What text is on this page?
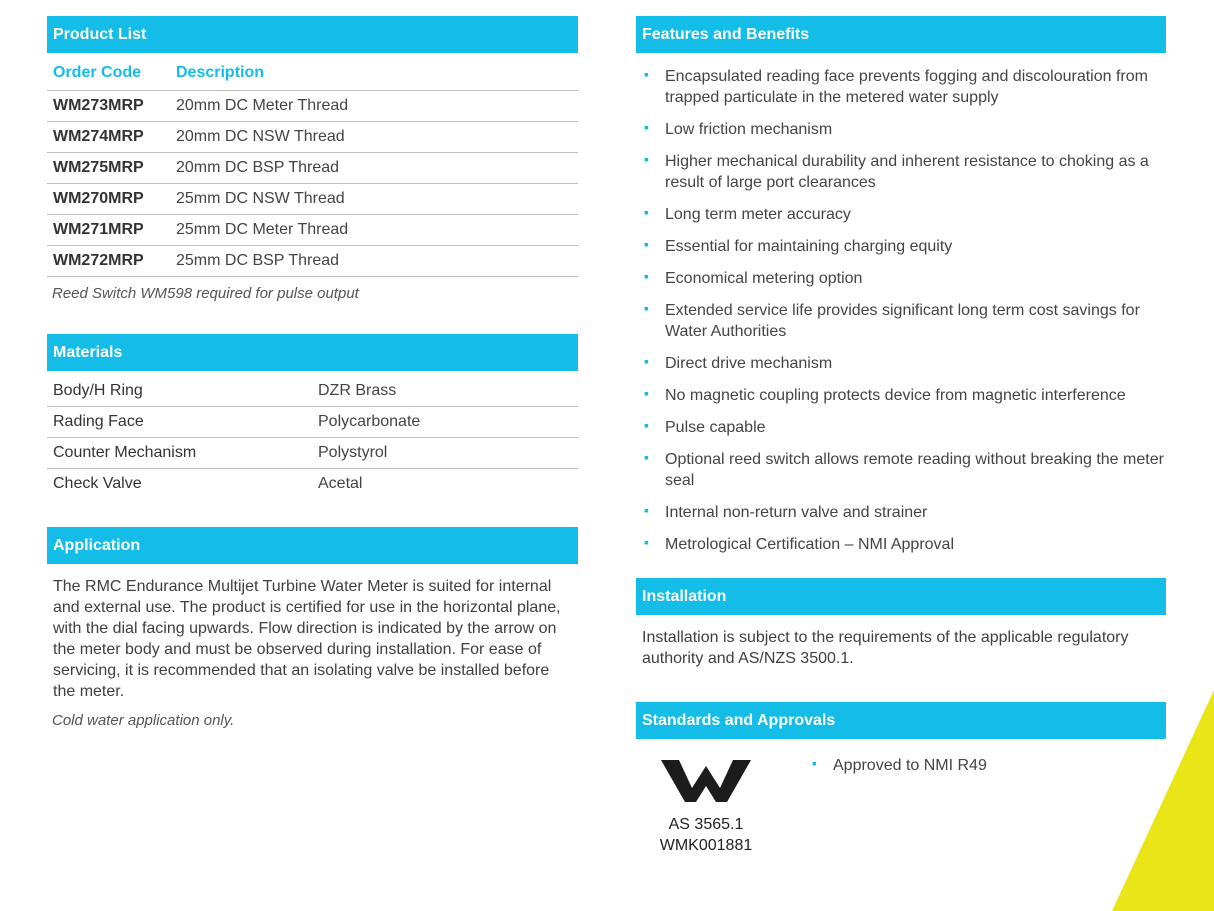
Product List
Order Code	Description
WM273MRP	20mm DC Meter Thread
WM274MRP	20mm DC NSW Thread
WM275MRP	20mm DC BSP Thread
WM270MRP	25mm DC NSW Thread
WM271MRP	25mm DC Meter Thread
WM272MRP	25mm DC BSP Thread
Reed Switch WM598 required for pulse output
Materials
Body/H Ring	DZR Brass
Rading Face	Polycarbonate
Counter Mechanism	Polystyrol
Check Valve	Acetal
Application
The RMC Endurance Multijet Turbine Water Meter is suited for internal and external use. The product is certified for use in the horizontal plane, with the dial facing upwards. Flow direction is indicated by the arrow on the meter body and must be observed during installation. For ease of servicing, it is recommended that an isolating valve be installed before the meter.
Cold water application only.
Features and Benefits
▪ Encapsulated reading face prevents fogging and discolouration from trapped particulate in the metered water supply
▪ Low friction mechanism
▪ Higher mechanical durability and inherent resistance to choking as a result of large port clearances
▪ Long term meter accuracy
▪ Essential for maintaining charging equity
▪ Economical metering option
▪ Extended service life provides significant long term cost savings for Water Authorities
▪ Direct drive mechanism
▪ No magnetic coupling protects device from magnetic interference
▪ Pulse capable
▪ Optional reed switch allows remote reading without breaking the meter seal
▪ Internal non-return valve and strainer
▪ Metrological Certification – NMI Approval
Installation
Installation is subject to the requirements of the applicable regulatory authority and AS/NZS 3500.1.
Standards and Approvals
AS 3565.1
WMK001881
▪ Approved to NMI R49
